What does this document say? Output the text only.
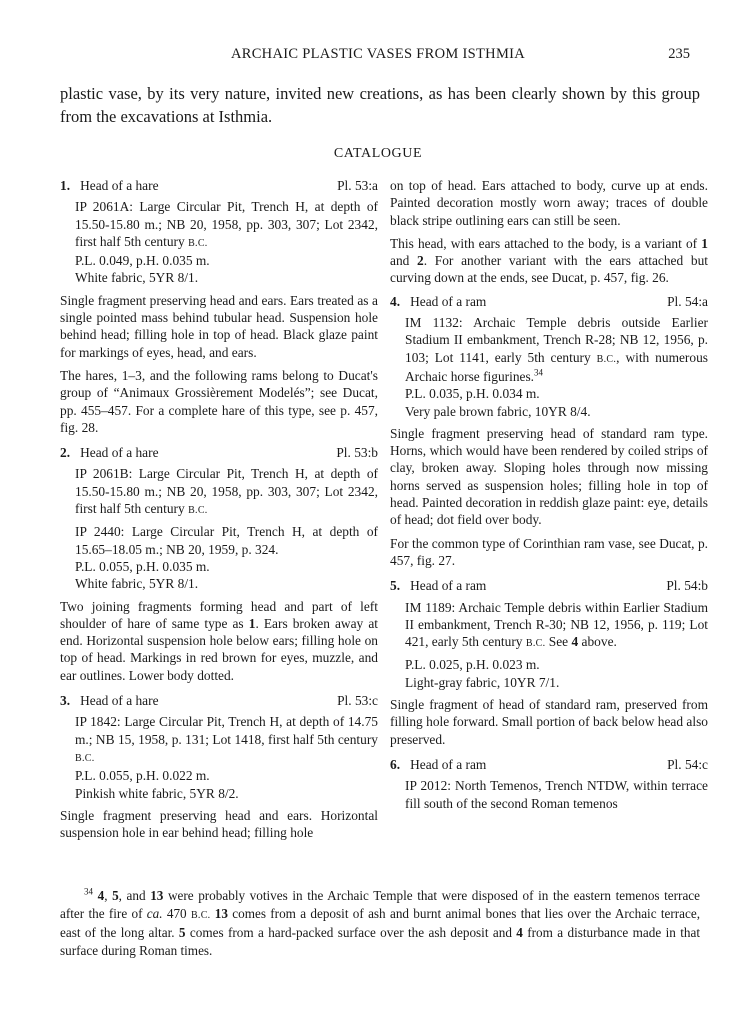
ARCHAIC PLASTIC VASES FROM ISTHMIA	235
plastic vase, by its very nature, invited new creations, as has been clearly shown by this group from the excavations at Isthmia.
CATALOGUE
1. Head of a hare	Pl. 53:a

IP 2061A: Large Circular Pit, Trench H, at depth of 15.50-15.80 m.; NB 20, 1958, pp. 303, 307; Lot 2342, first half 5th century B.C.

P.L. 0.049, p.H. 0.035 m.

White fabric, 5YR 8/1.

Single fragment preserving head and ears. Ears treated as a single pointed mass behind tubular head. Suspension hole behind head; filling hole in top of head. Black glaze paint for markings of eyes, head, and ears.

The hares, 1–3, and the following rams belong to Ducat's group of “Animaux Grossièrement Modelés”; see Ducat, pp. 455–457. For a complete hare of this type, see p. 457, fig. 28.

2. Head of a hare	Pl. 53:b

IP 2061B: Large Circular Pit, Trench H, at depth of 15.50-15.80 m.; NB 20, 1958, pp. 303, 307; Lot 2342, first half 5th century B.C.

IP 2440: Large Circular Pit, Trench H, at depth of 15.65–18.05 m.; NB 20, 1959, p. 324.

P.L. 0.055, p.H. 0.035 m.

White fabric, 5YR 8/1.

Two joining fragments forming head and part of left shoulder of hare of same type as 1. Ears broken away at end. Horizontal suspension hole below ears; filling hole on top of head. Markings in red brown for eyes, muzzle, and ear outlines. Lower body dotted.

3. Head of a hare	Pl. 53:c

IP 1842: Large Circular Pit, Trench H, at depth of 14.75 m.; NB 15, 1958, p. 131; Lot 1418, first half 5th century B.C.

P.L. 0.055, p.H. 0.022 m.

Pinkish white fabric, 5YR 8/2.

Single fragment preserving head and ears. Horizontal suspension hole in ear behind head; filling hole

on top of head. Ears attached to body, curve up at ends. Painted decoration mostly worn away; traces of double black stripe outlining ears can still be seen.

This head, with ears attached to the body, is a variant of 1 and 2. For another variant with the ears attached but curving down at the ends, see Ducat, p. 457, fig. 26.

4. Head of a ram	Pl. 54:a

IM 1132: Archaic Temple debris outside Earlier Stadium II embankment, Trench R-28; NB 12, 1956, p. 103; Lot 1141, early 5th century B.C., with numerous Archaic horse figurines.$^{34}$

P.L. 0.035, p.H. 0.034 m.

Very pale brown fabric, 10YR 8/4.

Single fragment preserving head of standard ram type. Horns, which would have been rendered by coiled strips of clay, broken away. Sloping holes through now missing horns served as suspension holes; filling hole in top of head. Painted decoration in reddish glaze paint: eye, details of head; dot field over body.

For the common type of Corinthian ram vase, see Ducat, p. 457, fig. 27.

5. Head of a ram	Pl. 54:b

IM 1189: Archaic Temple debris within Earlier Stadium II embankment, Trench R-30; NB 12, 1956, p. 119; Lot 421, early 5th century B.C. See 4 above.

P.L. 0.025, p.H. 0.023 m.

Light-gray fabric, 10YR 7/1.

Single fragment of head of standard ram, preserved from filling hole forward. Small portion of back below head also preserved.

6. Head of a ram	Pl. 54:c

IP 2012: North Temenos, Trench NTDW, within terrace fill south of the second Roman temenos

$^{34}$ 4, 5, and 13 were probably votives in the Archaic Temple that were disposed of in the eastern temenos terrace after the fire of ca. 470 B.C. 13 comes from a deposit of ash and burnt animal bones that lies over the Archaic terrace, east of the long altar. 5 comes from a hard-packed surface over the ash deposit and 4 from a disturbance made in that surface during Roman times.
